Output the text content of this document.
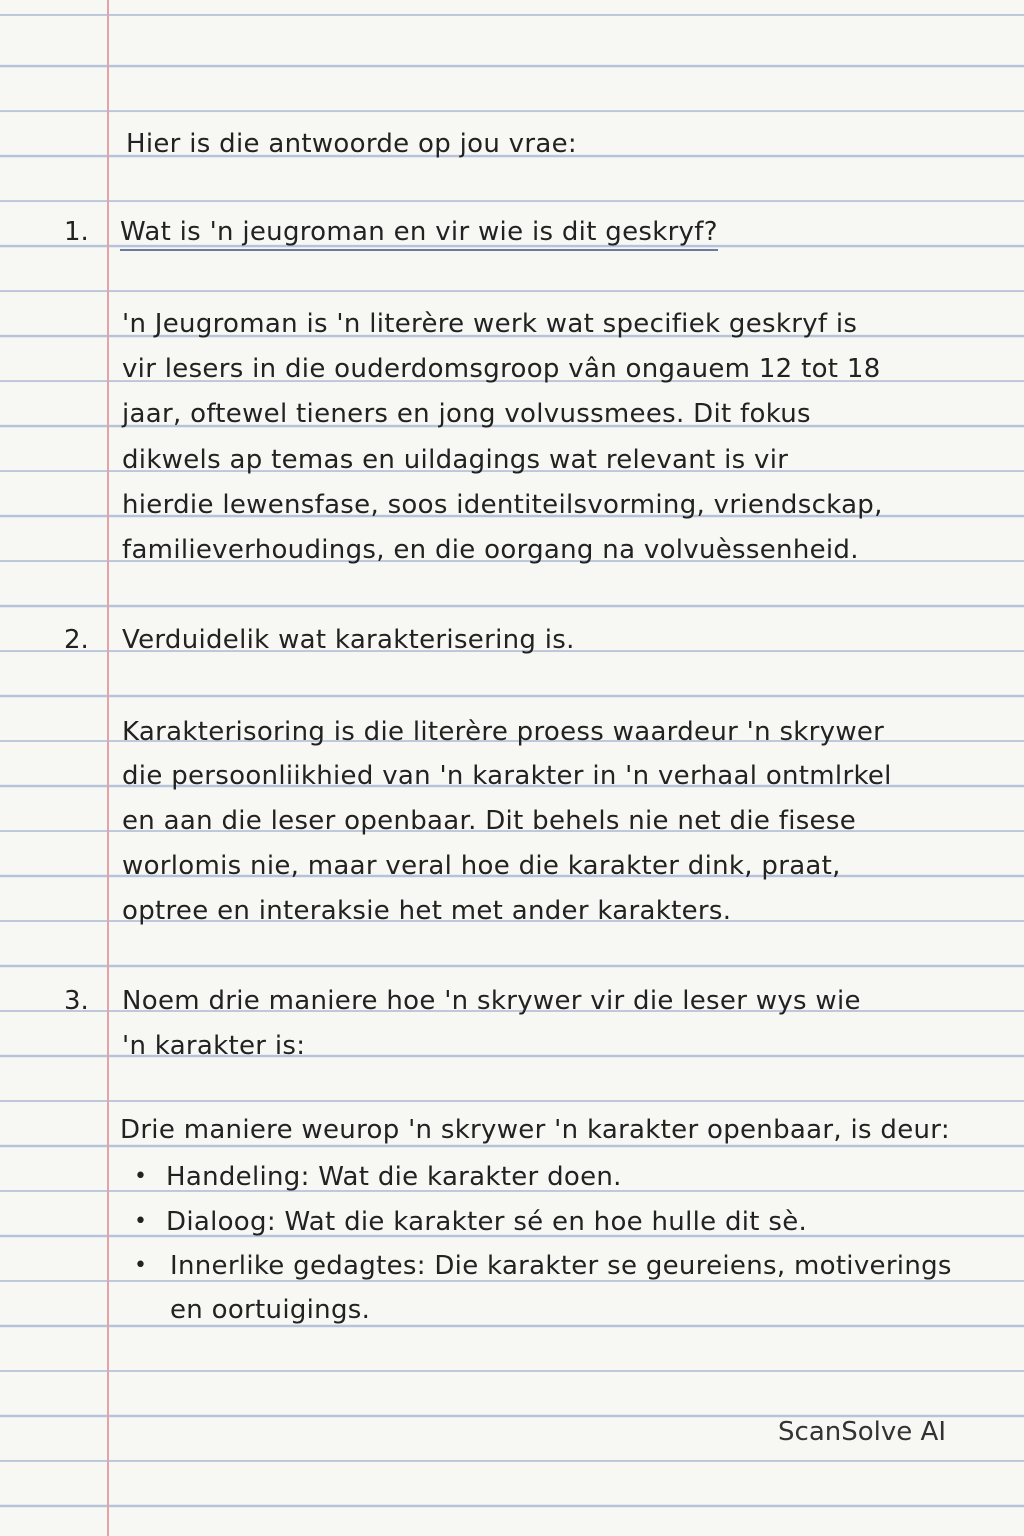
Hier is die antwoorde op jou vrae:

1. Wat is 'n jeugroman en vir wie is dit geskryf?

'n Jeugroman is 'n literère werk wat specifiek geskryf is

vir lesers in die ouderdomsgroop vân ongauem 12 tot 18

jaar, oftewel tieners en jong volvussmees. Dit fokus

dikwels ap temas en uildagings wat relevant is vir

hierdie lewensfase, soos identiteilsvorming, vriendsckap,

familieverhoudings, en die oorgang na volvuèssenheid.

2. Verduidelik wat karakterisering is.

Karakterisoring is die literère proess waardeur 'n skrywer

die persoonliikhied van 'n karakter in 'n verhaal ontmlrkel

en aan die leser openbaar. Dit behels nie net die fisese

worlomis nie, maar veral hoe die karakter dink, praat,

optree en interaksie het met ander karakters.

3. Noem drie maniere hoe 'n skrywer vir die leser wys wie

'n karakter is:

Drie maniere weurop 'n skrywer 'n karakter openbaar, is deur:

• Handeling: Wat die karakter doen.

• Dialoog: Wat die karakter sé en hoe hulle dit sè.

• Innerlike gedagtes: Die karakter se geureiens, motiverings

en oortuigings.

ScanSolve AI
